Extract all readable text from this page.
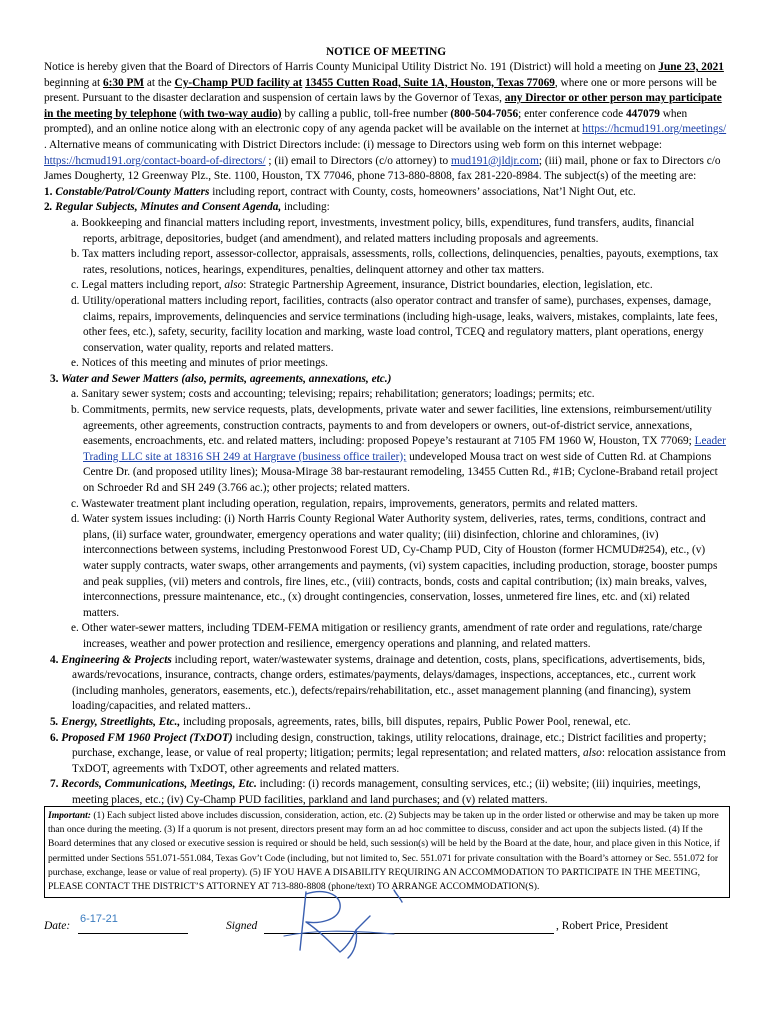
NOTICE OF MEETING

Notice is hereby given that the Board of Directors of Harris County Municipal Utility District No. 191 (District) will hold a meeting on June 23, 2021 beginning at 6:30 PM at the Cy-Champ PUD facility at 13455 Cutten Road, Suite 1A, Houston, Texas 77069, where one or more persons will be present. Pursuant to the disaster declaration and suspension of certain laws by the Governor of Texas, any Director or other person may participate in the meeting by telephone (with two-way audio) by calling a public, toll-free number (800-504-7056; enter conference code 447079 when prompted), and an online notice along with an electronic copy of any agenda packet will be available on the internet at https://hcmud191.org/meetings/ . Alternative means of communicating with District Directors include: (i) message to Directors using web form on this internet webpage: https://hcmud191.org/contact-board-of-directors/ ; (ii) email to Directors (c/o attorney) to mud191@jldjr.com; (iii) mail, phone or fax to Directors c/o James Dougherty, 12 Greenway Plz., Ste. 1100, Houston, TX 77046, phone 713-880-8808, fax 281-220-8984. The subject(s) of the meeting are:

1. Constable/Patrol/County Matters including report, contract with County, costs, homeowners’ associations, Nat’l Night Out, etc.

2. Regular Subjects, Minutes and Consent Agenda, including:

a. Bookkeeping and financial matters including report, investments, investment policy, bills, expenditures, fund transfers, audits, financial reports, arbitrage, depositories, budget (and amendment), and related matters including proposals and agreements.
b. Tax matters including report, assessor-collector, appraisals, assessments, rolls, collections, delinquencies, penalties, payouts, exemptions, tax rates, resolutions, notices, hearings, expenditures, penalties, delinquent attorney and other tax matters.
c. Legal matters including report, also: Strategic Partnership Agreement, insurance, District boundaries, election, legislation, etc.
d. Utility/operational matters including report, facilities, contracts (also operator contract and transfer of same), purchases, expenses, damage, claims, repairs, improvements, delinquencies and service terminations (including high-usage, leaks, waivers, mistakes, complaints, late fees, other fees, etc.), safety, security, facility location and marking, waste load control, TCEQ and regulatory matters, plant operations, energy conservation, water quality, reports and related matters.
e. Notices of this meeting and minutes of prior meetings.

3. Water and Sewer Matters (also, permits, agreements, annexations, etc.)

a. Sanitary sewer system; costs and accounting; televising; repairs; rehabilitation; generators; loadings; permits; etc.
b. Commitments, permits, new service requests, plats, developments, private water and sewer facilities, line extensions, reimbursement/utility agreements, other agreements, construction contracts, payments to and from developers or owners, out-of-district service, annexations, easements, encroachments, etc. and related matters, including: proposed Popeye’s restaurant at 7105 FM 1960 W, Houston, TX 77069; Leader Trading LLC site at 18316 SH 249 at Hargrave (business office trailer); undeveloped Mousa tract on west side of Cutten Rd. at Champions Centre Dr. (and proposed utility lines); Mousa-Mirage 38 bar-restaurant remodeling, 13455 Cutten Rd., #1B; Cyclone-Braband retail project on Schroeder Rd and SH 249 (3.766 ac.); other projects; related matters.
c. Wastewater treatment plant including operation, regulation, repairs, improvements, generators, permits and related matters.
d. Water system issues including: (i) North Harris County Regional Water Authority system, deliveries, rates, terms, conditions, contract and plans, (ii) surface water, groundwater, emergency operations and water quality; (iii) disinfection, chlorine and chloramines, (iv) interconnections between systems, including Prestonwood Forest UD, Cy-Champ PUD, City of Houston (former HCMUD#254), etc., (v) water supply contracts, water swaps, other arrangements and payments, (vi) system capacities, including production, storage, booster pumps and peak supplies, (vii) meters and controls, fire lines, etc., (viii) contracts, bonds, costs and capital contribution; (ix) main breaks, valves, interconnections, pressure maintenance, etc., (x) drought contingencies, conservation, losses, unmetered fire lines, etc. and (xi) related matters.
e. Other water-sewer matters, including TDEM-FEMA mitigation or resiliency grants, amendment of rate order and regulations, rate/charge increases, weather and power protection and resilience, emergency operations and planning, and related matters.

4. Engineering & Projects including report, water/wastewater systems, drainage and detention, costs, plans, specifications, advertisements, bids, awards/revocations, insurance, contracts, change orders, estimates/payments, delays/damages, inspections, acceptances, etc., current work (including manholes, generators, easements, etc.), defects/repairs/rehabilitation, etc., asset management planning (and financing), system loading/capacities, and related matters..

5. Energy, Streetlights, Etc., including proposals, agreements, rates, bills, bill disputes, repairs, Public Power Pool, renewal, etc.

6. Proposed FM 1960 Project (TxDOT) including design, construction, takings, utility relocations, drainage, etc.; District facilities and property; purchase, exchange, lease, or value of real property; litigation; permits; legal representation; and related matters, also: relocation assistance from TxDOT, agreements with TxDOT, other agreements and related matters.

7. Records, Communications, Meetings, Etc. including: (i) records management, consulting services, etc.; (ii) website; (iii) inquiries, meetings, meeting places, etc.; (iv) Cy-Champ PUD facilities, parkland and land purchases; and (v) related matters.

Important: (1) Each subject listed above includes discussion, consideration, action, etc. (2) Subjects may be taken up in the order listed or otherwise and may be taken up more than once during the meeting. (3) If a quorum is not present, directors present may form an ad hoc committee to discuss, consider and act upon the subjects listed. (4) If the Board determines that any closed or executive session is required or should be held, such session(s) will be held by the Board at the date, hour, and place given in this Notice, if permitted under Sections 551.071-551.084, Texas Gov’t Code (including, but not limited to, Sec. 551.071 for private consultation with the Board’s attorney or Sec. 551.072 for purchase, exchange, lease or value of real property). (5) IF YOU HAVE A DISABILITY REQUIRING AN ACCOMMODATION TO PARTICIPATE IN THE MEETING, PLEASE CONTACT THE DISTRICT’S ATTORNEY AT 713-880-8808 (phone/text) TO ARRANGE ACCOMMODATION(S).
Date:
6-17-21
Signed	, Robert Price, President
